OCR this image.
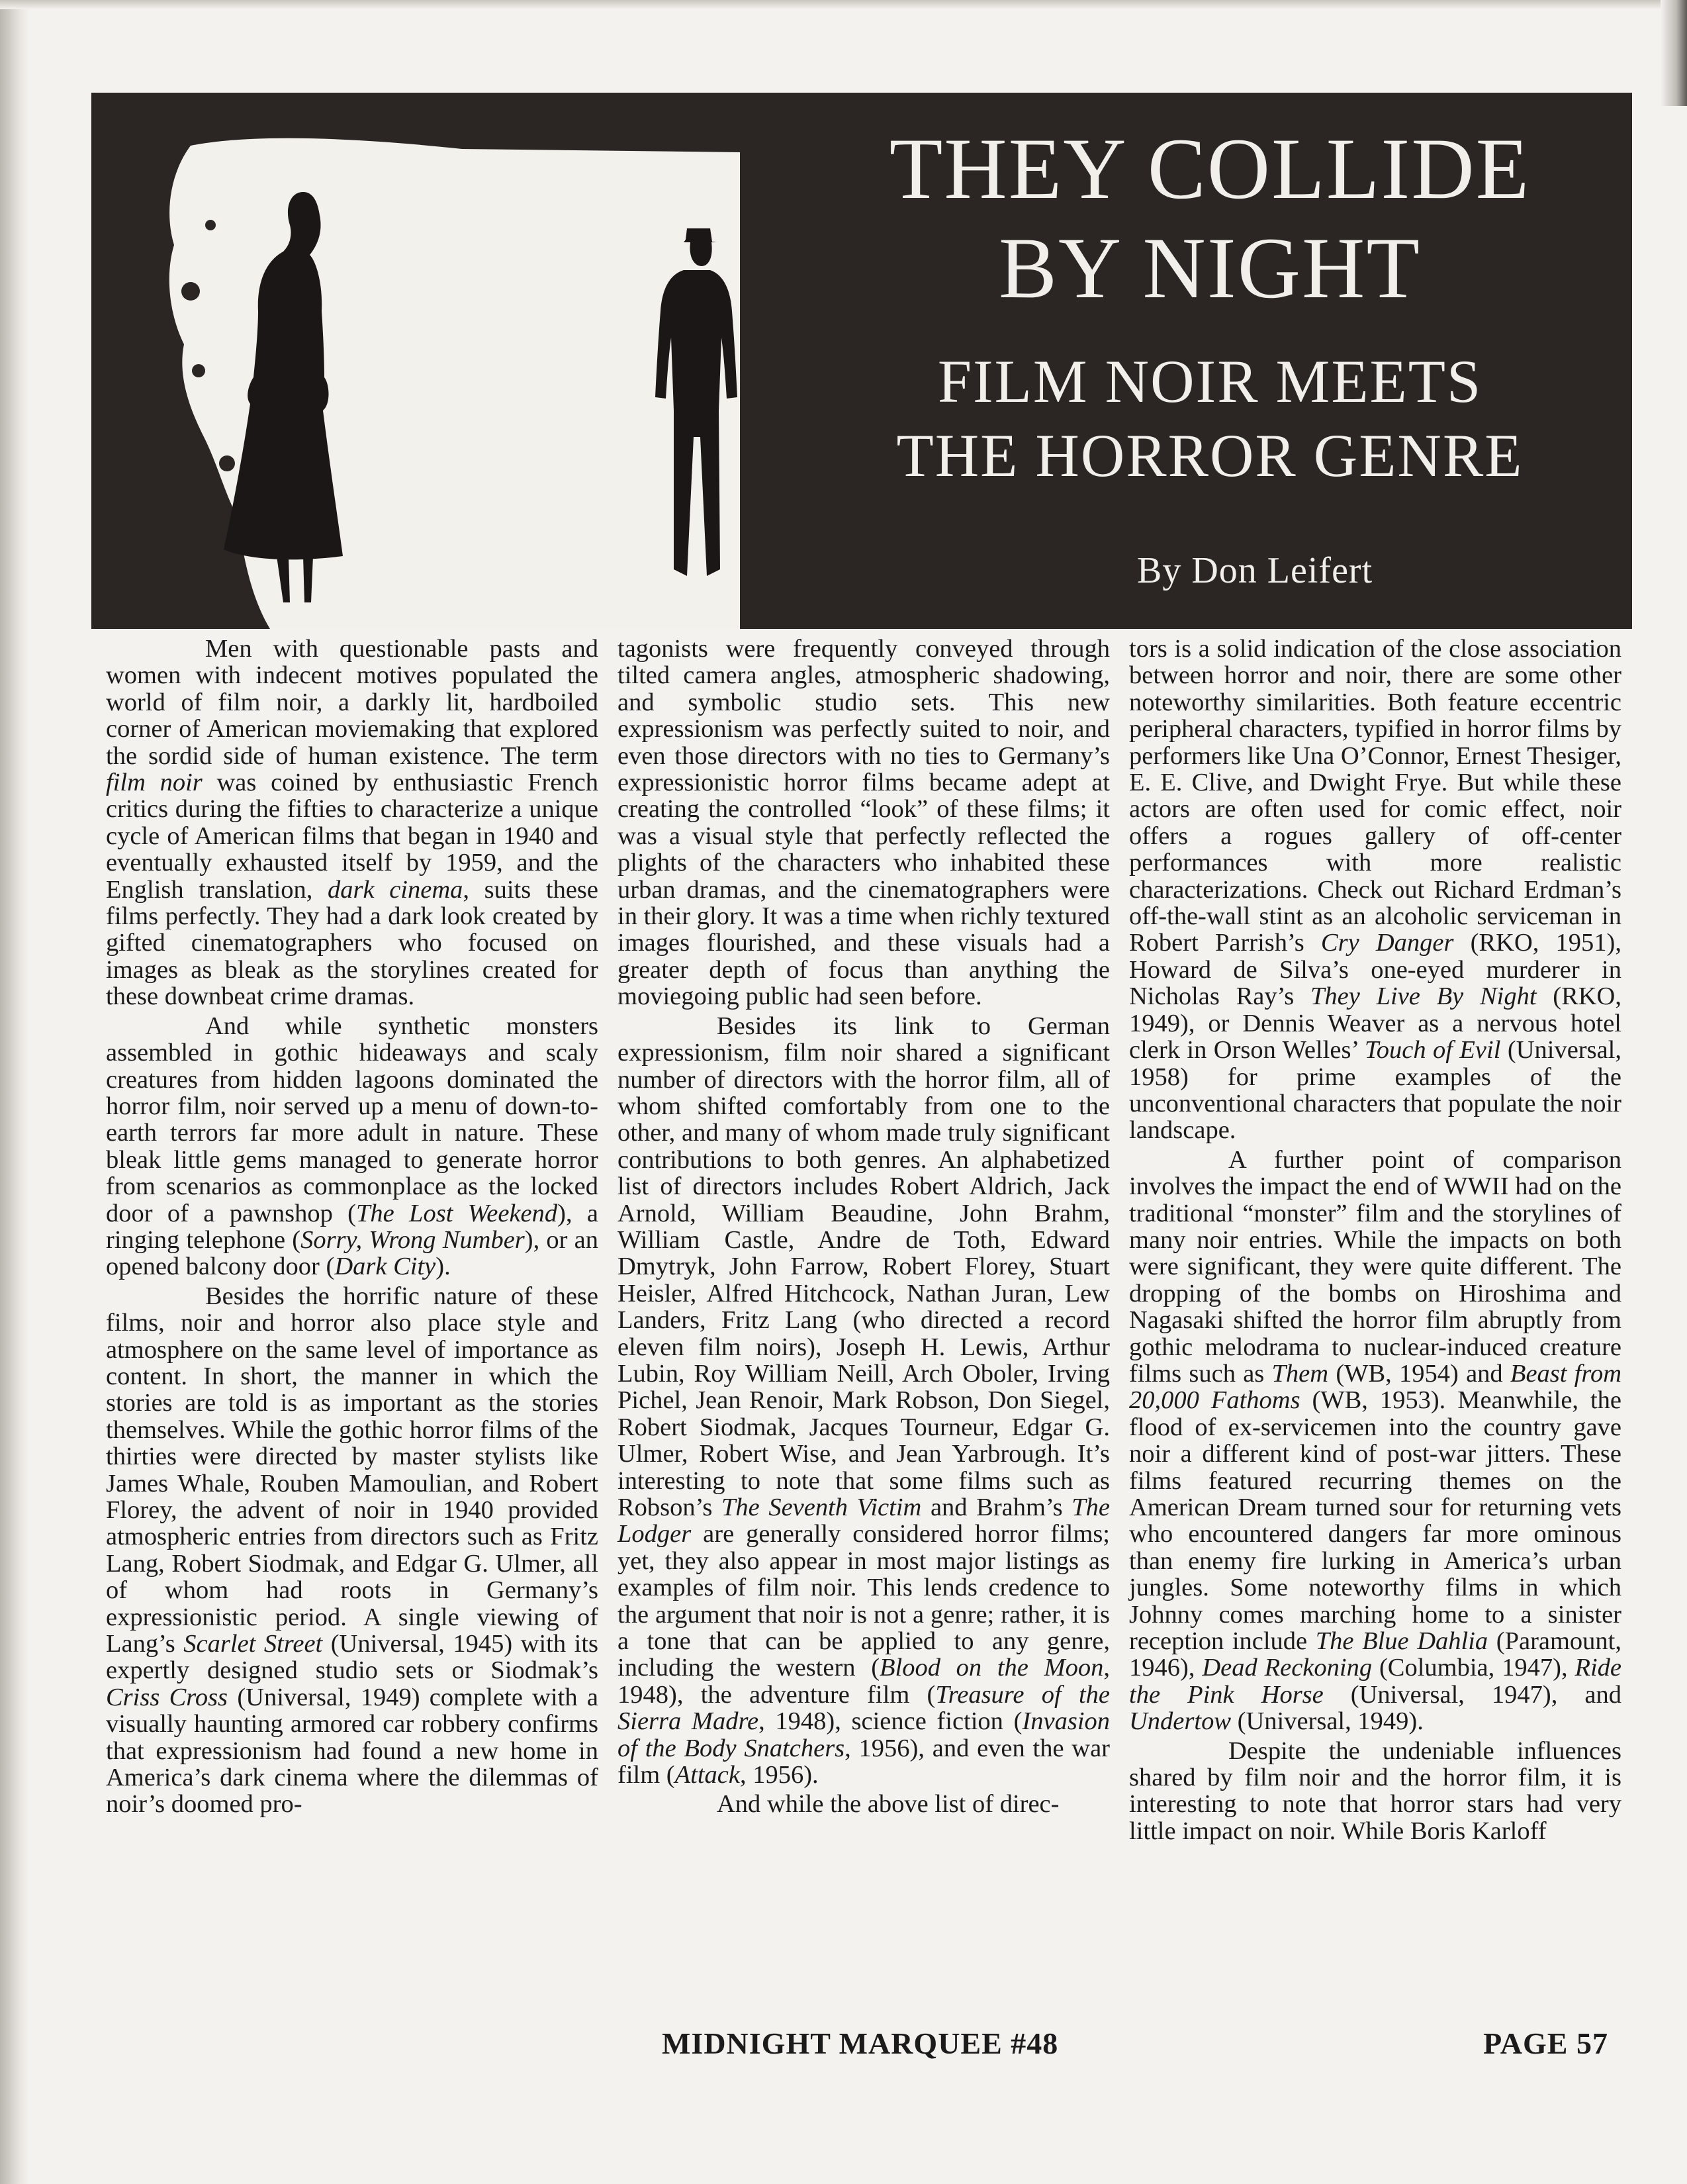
THEY COLLIDE
BY NIGHT
FILM NOIR MEETS
THE HORROR GENRE
By Don Leifert

Men with questionable pasts and women with indecent motives populated the world of film noir, a darkly lit, hardboiled corner of American moviemaking that explored the sordid side of human existence. The term film noir was coined by enthusiastic French critics during the fifties to characterize a unique cycle of American films that began in 1940 and eventually exhausted itself by 1959, and the English translation, dark cinema, suits these films perfectly. They had a dark look created by gifted cinematographers who focused on images as bleak as the storylines created for these downbeat crime dramas.

And while synthetic monsters assembled in gothic hideaways and scaly creatures from hidden lagoons dominated the horror film, noir served up a menu of down-to-earth terrors far more adult in nature. These bleak little gems managed to generate horror from scenarios as commonplace as the locked door of a pawnshop (The Lost Weekend), a ringing telephone (Sorry, Wrong Number), or an opened balcony door (Dark City).

Besides the horrific nature of these films, noir and horror also place style and atmosphere on the same level of importance as content. In short, the manner in which the stories are told is as important as the stories themselves. While the gothic horror films of the thirties were directed by master stylists like James Whale, Rouben Mamoulian, and Robert Florey, the advent of noir in 1940 provided atmospheric entries from directors such as Fritz Lang, Robert Siodmak, and Edgar G. Ulmer, all of whom had roots in Germany’s expressionistic period. A single viewing of Lang’s Scarlet Street (Universal, 1945) with its expertly designed studio sets or Siodmak’s Criss Cross (Universal, 1949) complete with a visually haunting armored car robbery confirms that expressionism had found a new home in America’s dark cinema where the dilemmas of noir’s doomed pro-

tagonists were frequently conveyed through tilted camera angles, atmospheric shadowing, and symbolic studio sets. This new expressionism was perfectly suited to noir, and even those directors with no ties to Germany’s expressionistic horror films became adept at creating the controlled “look” of these films; it was a visual style that perfectly reflected the plights of the characters who inhabited these urban dramas, and the cinematographers were in their glory. It was a time when richly textured images flourished, and these visuals had a greater depth of focus than anything the moviegoing public had seen before.

Besides its link to German expressionism, film noir shared a significant number of directors with the horror film, all of whom shifted comfortably from one to the other, and many of whom made truly significant contributions to both genres. An alphabetized list of directors includes Robert Aldrich, Jack Arnold, William Beaudine, John Brahm, William Castle, Andre de Toth, Edward Dmytryk, John Farrow, Robert Florey, Stuart Heisler, Alfred Hitchcock, Nathan Juran, Lew Landers, Fritz Lang (who directed a record eleven film noirs), Joseph H. Lewis, Arthur Lubin, Roy William Neill, Arch Oboler, Irving Pichel, Jean Renoir, Mark Robson, Don Siegel, Robert Siodmak, Jacques Tourneur, Edgar G. Ulmer, Robert Wise, and Jean Yarbrough. It’s interesting to note that some films such as Robson’s The Seventh Victim and Brahm’s The Lodger are generally considered horror films; yet, they also appear in most major listings as examples of film noir. This lends credence to the argument that noir is not a genre; rather, it is a tone that can be applied to any genre, including the western (Blood on the Moon, 1948), the adventure film (Treasure of the Sierra Madre, 1948), science fiction (Invasion of the Body Snatchers, 1956), and even the war film (Attack, 1956).

And while the above list of direc-

tors is a solid indication of the close association between horror and noir, there are some other noteworthy similarities. Both feature eccentric peripheral characters, typified in horror films by performers like Una O’Connor, Ernest Thesiger, E. E. Clive, and Dwight Frye. But while these actors are often used for comic effect, noir offers a rogues gallery of off-center performances with more realistic characterizations. Check out Richard Erdman’s off-the-wall stint as an alcoholic serviceman in Robert Parrish’s Cry Danger (RKO, 1951), Howard de Silva’s one-eyed murderer in Nicholas Ray’s They Live By Night (RKO, 1949), or Dennis Weaver as a nervous hotel clerk in Orson Welles’ Touch of Evil (Universal, 1958) for prime examples of the unconventional characters that populate the noir landscape.

A further point of comparison involves the impact the end of WWII had on the traditional “monster” film and the storylines of many noir entries. While the impacts on both were significant, they were quite different. The dropping of the bombs on Hiroshima and Nagasaki shifted the horror film abruptly from gothic melodrama to nuclear-induced creature films such as Them (WB, 1954) and Beast from 20,000 Fathoms (WB, 1953). Meanwhile, the flood of ex-servicemen into the country gave noir a different kind of post-war jitters. These films featured recurring themes on the American Dream turned sour for returning vets who encountered dangers far more ominous than enemy fire lurking in America’s urban jungles. Some noteworthy films in which Johnny comes marching home to a sinister reception include The Blue Dahlia (Paramount, 1946), Dead Reckoning (Columbia, 1947), Ride the Pink Horse (Universal, 1947), and Undertow (Universal, 1949).

Despite the undeniable influences shared by film noir and the horror film, it is interesting to note that horror stars had very little impact on noir. While Boris Karloff

MIDNIGHT MARQUEE #48	PAGE 57
